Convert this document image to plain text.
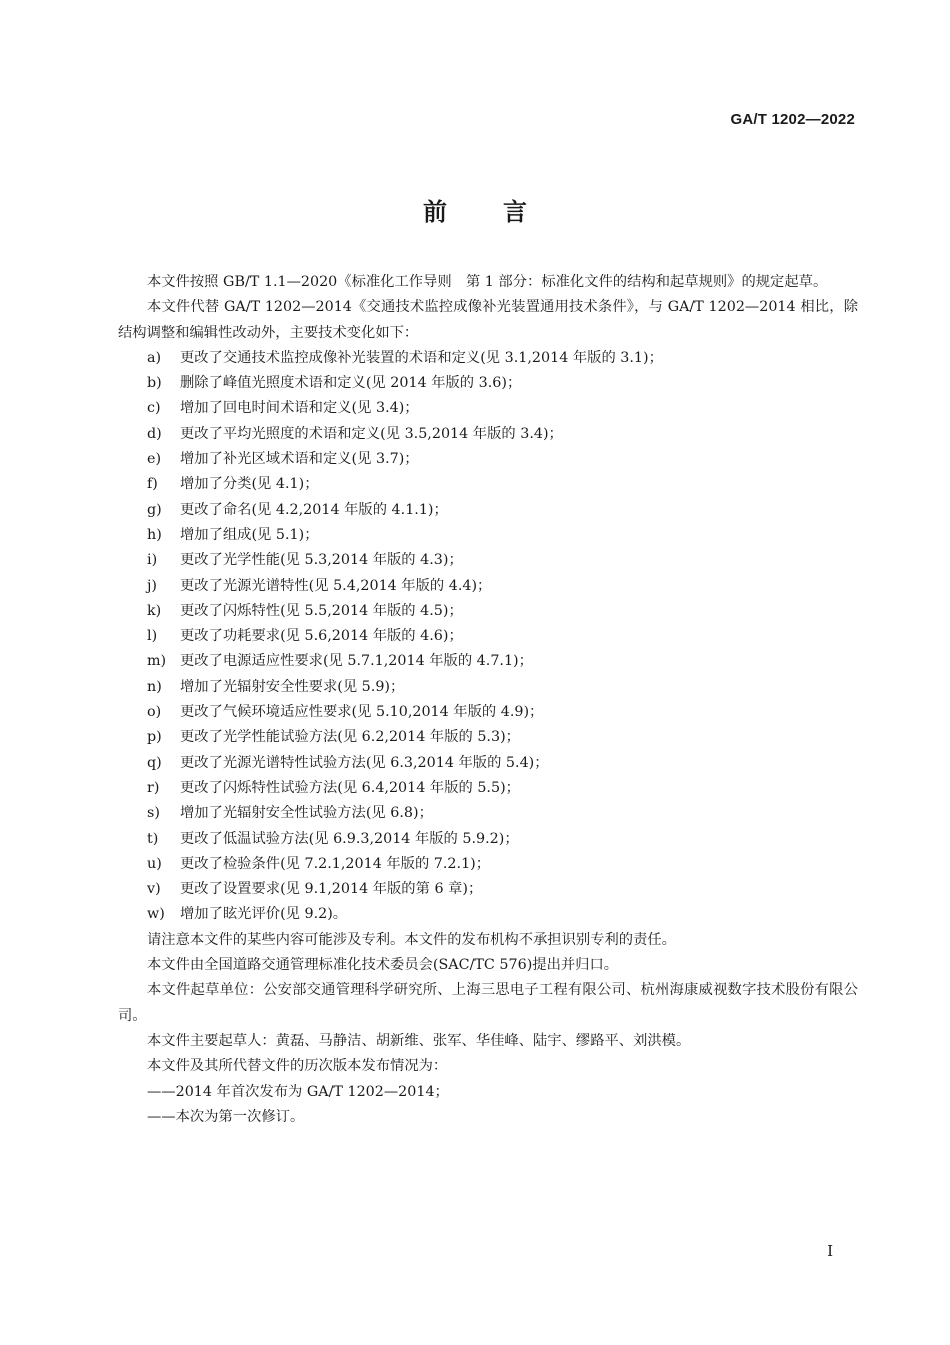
GA/T 1202—2022
前言

本文件按照 GB/T 1.1—2020《标准化工作导则　第 1 部分：标准化文件的结构和起草规则》的规定起草。

本文件代替 GA/T 1202—2014《交通技术监控成像补光装置通用技术条件》，与 GA/T 1202—2014 相比，除结构调整和编辑性改动外，主要技术变化如下：

a)	更改了交通技术监控成像补光装置的术语和定义(见 3.1,2014 年版的 3.1)；

b)	删除了峰值光照度术语和定义(见 2014 年版的 3.6)；

c)	增加了回电时间术语和定义(见 3.4)；

d)	更改了平均光照度的术语和定义(见 3.5,2014 年版的 3.4)；

e)	增加了补光区域术语和定义(见 3.7)；

f)	增加了分类(见 4.1)；

g)	更改了命名(见 4.2,2014 年版的 4.1.1)；

h)	增加了组成(见 5.1)；

i)	更改了光学性能(见 5.3,2014 年版的 4.3)；

j)	更改了光源光谱特性(见 5.4,2014 年版的 4.4)；

k)	更改了闪烁特性(见 5.5,2014 年版的 4.5)；

l)	更改了功耗要求(见 5.6,2014 年版的 4.6)；

m) 更改了电源适应性要求(见 5.7.1,2014 年版的 4.7.1)；

n)	增加了光辐射安全性要求(见 5.9)；

o)	更改了气候环境适应性要求(见 5.10,2014 年版的 4.9)；

p)	更改了光学性能试验方法(见 6.2,2014 年版的 5.3)；

q)	更改了光源光谱特性试验方法(见 6.3,2014 年版的 5.4)；

r)	更改了闪烁特性试验方法(见 6.4,2014 年版的 5.5)；

s)	增加了光辐射安全性试验方法(见 6.8)；

t)	更改了低温试验方法(见 6.9.3,2014 年版的 5.9.2)；

u)	更改了检验条件(见 7.2.1,2014 年版的 7.2.1)；

v)	更改了设置要求(见 9.1,2014 年版的第 6 章)；

w)	增加了眩光评价(见 9.2)。

请注意本文件的某些内容可能涉及专利。本文件的发布机构不承担识别专利的责任。

本文件由全国道路交通管理标准化技术委员会(SAC/TC 576)提出并归口。

本文件起草单位：公安部交通管理科学研究所、上海三思电子工程有限公司、杭州海康威视数字技术股份有限公司。

本文件主要起草人：黄磊、马静洁、胡新维、张军、华佳峰、陆宇、缪路平、刘洪模。

本文件及其所代替文件的历次版本发布情况为：

——2014 年首次发布为 GA/T 1202—2014；

——本次为第一次修订。

I
